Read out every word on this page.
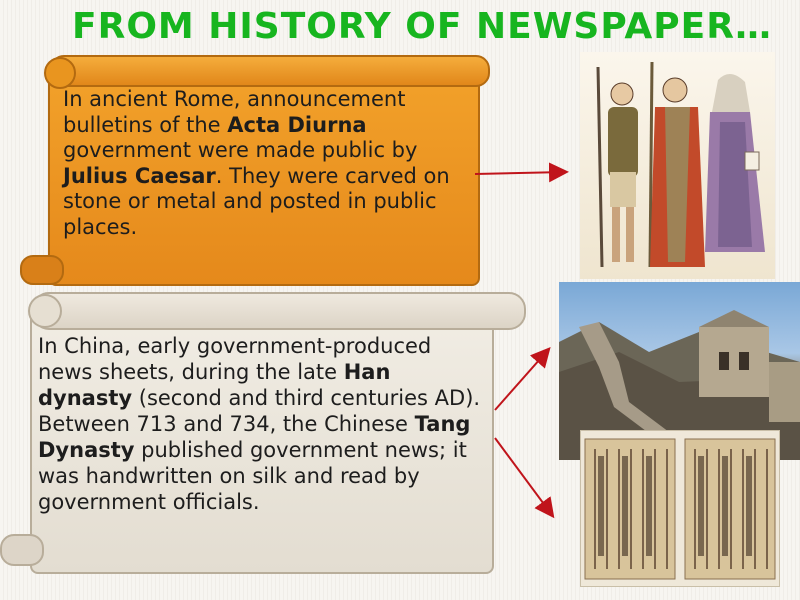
FROM HISTORY OF NEWSPAPER…

In ancient Rome, announcement bulletins of the Acta Diurna government were made public by Julius Caesar. They were carved on stone or metal and posted in public places.

In China, early government-produced news sheets, during the late Han dynasty (second and third centuries AD).

Between 713 and 734, the Chinese Tang Dynasty published government news; it was handwritten on silk and read by government officials.
